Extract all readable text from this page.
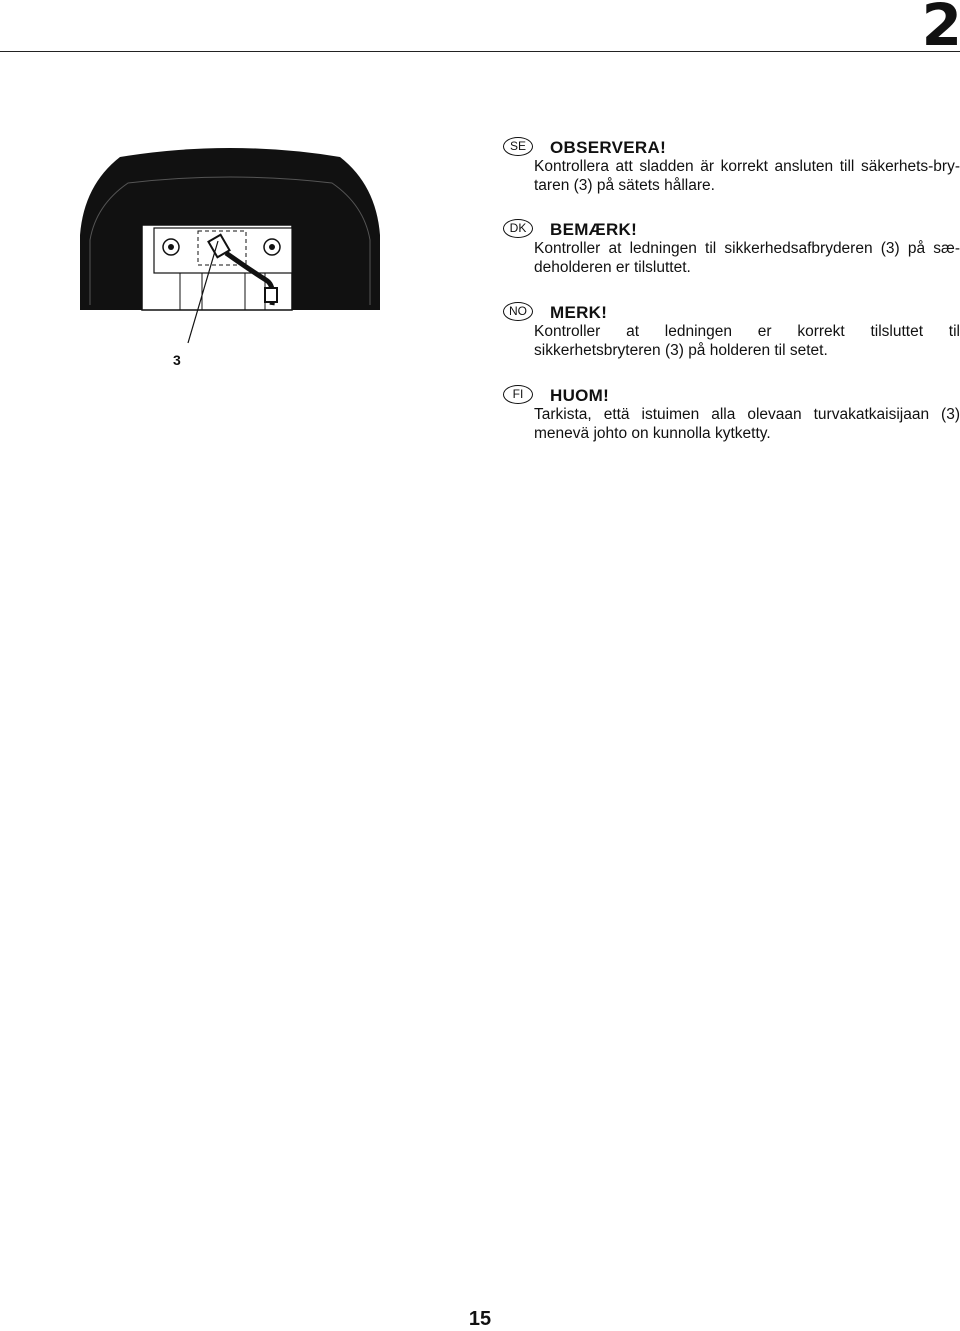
2
3
SE	OBSERVERA!
Kontrollera att sladden är korrekt ansluten till säkerhets-bry-taren (3) på sätets hållare.
DK	BEMÆRK!
Kontroller at ledningen til sikkerhedsafbryderen (3) på sæ-deholderen er tilsluttet.
NO	MERK!
Kontroller at ledningen er korrekt tilsluttet til sikkerhetsbryteren (3) på holderen til setet.
FI	HUOM!
Tarkista, että istuimen alla olevaan turvakatkaisijaan (3) menevä johto on kunnolla kytketty.
15
